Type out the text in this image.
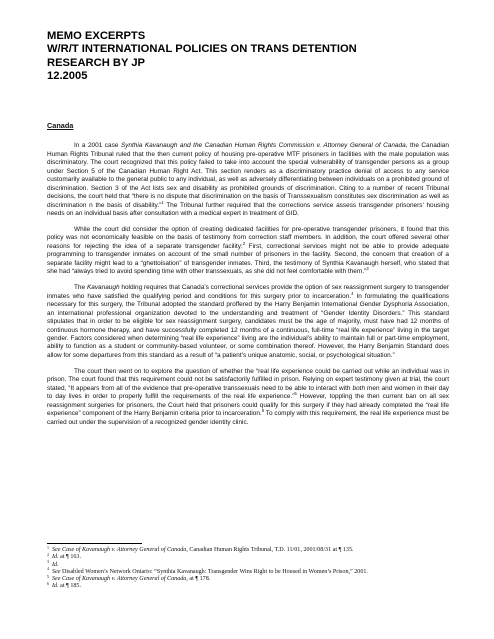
MEMO EXCERPTS
W/R/T INTERNATIONAL POLICIES ON TRANS DETENTION
RESEARCH BY JP
12.2005
Canada

In a 2001 case Synthia Kavanaugh and the Canadian Human Rights Commission v. Attorney General of Canada, the Canadian Human Rights Tribunal ruled that the then current policy of housing pre-operative MTF prisoners in facilities with the male population was discriminatory. The court recognized that this policy failed to take into account the special vulnerability of transgender persons as a group under Section 5 of the Canadian Human Right Act. This section renders as a discriminatory practice denial of access to any service customarily available to the general public to any individual, as well as adversely differentiating between individuals on a prohibited ground of discrimination. Section 3 of the Act lists sex and disability as prohibited grounds of discrimination. Citing to a number of recent Tribunal decisions, the court held that “there is no dispute that discrimination on the basis of Transsexualism constitutes sex discrimination as well as discrimination n the basis of disability.”$^1$ The Tribunal further required that the corrections service assess transgender prisoners’ housing needs on an individual basis after consultation with a medical expert in treatment of GID.

While the court did consider the option of creating dedicated facilities for pre-operative transgender prisoners, it found that this policy was not economically feasible on the basis of testimony from correction staff members. In addition, the court offered several other reasons for rejecting the idea of a separate transgender facility:$^2$ First, correctional services might not be able to provide adequate programming to transgender inmates on account of the small number of prisoners in the facility. Second, the concern that creation of a separate facility might lead to a “ghettoisation” of transgender inmates. Third, the testimony of Synthia Kavanaugh herself, who stated that she had “always tried to avoid spending time with other transsexuals, as she did not feel comfortable with them.”$^3$

The Kavanaugh holding requires that Canada’s correctional services provide the option of sex reassignment surgery to transgender inmates who have satisfied the qualifying period and conditions for this surgery prior to incarceration.$^4$ In formulating the qualifications necessary for this surgery, the Tribunal adopted the standard proffered by the Harry Benjamin International Gender Dysphoria Association, an international professional organization devoted to the understanding and treatment of “Gender Identity Disorders.” This standard stipulates that in order to be eligible for sex reassignment surgery, candidates must be the age of majority, must have had 12 months of continuous hormone therapy, and have successfully completed 12 months of a continuous, full-time “real life experience” living in the target gender. Factors considered when determining “real life experience” living are the individual’s ability to maintain full or part-time employment, ability to function as a student or community-based volunteer, or some combination thereof. However, the Harry Benjamin Standard does allow for some departures from this standard as a result of “a patient’s unique anatomic, social, or psychological situation.”

The court then went on to explore the question of whether the “real life experience could be carried out while an individual was in prison. The court found that this requirement could not be satisfactorily fulfilled in prison. Relying on expert testimony given at trial, the court stated, “It appears from all of the evidence that pre-operative transsexuals need to be able to interact with both men and women in their day to day lives in order to properly fulfill the requirements of the real life experience.”$^5$ However, toppling the then current ban on all sex reassignment surgeries for prisoners, the Court held that prisoners could qualify for this surgery if they had already completed the “real life experience” component of the Harry Benjamin criteria prior to incarceration.$^6$ To comply with this requirement, the real life experience must be carried out under the supervision of a recognized gender identity clinic.

$^1$ See Case of Kavanaugh v. Attorney General of Canada, Canadian Human Rights Tribunal, T.D. 11/01, 2001/08/31 at ¶ 135.
$^2$ Id. at ¶ 163.
$^3$ Id.
$^4$ See Disabled Women’s Network Ontario: “Synthia Kavanaugh: Transgender Wins Right to be Housed in Women’s Prison,” 2001.
$^5$ See Case of Kavanaugh v. Attorney General of Canada, at ¶ 178.
$^6$ Id. at ¶ 185.
